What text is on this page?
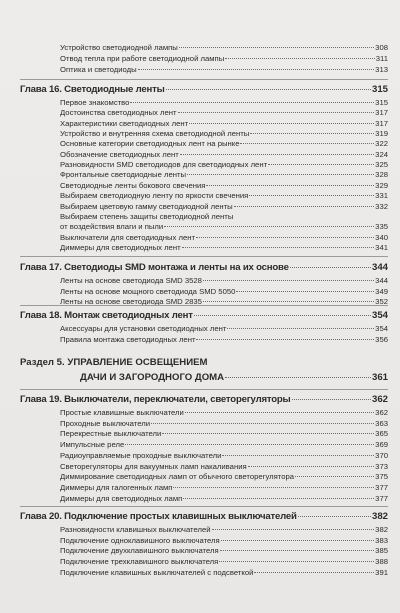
Устройство светодиодной лампы	308
Отвод тепла при работе светодиодной лампы	311
Оптика и светодиоды	313
Глава 16. Светодиодные ленты	315
Первое знакомство	315
Достоинства светодиодных лент	317
Характеристики светодиодных лент	317
Устройство и внутренняя схема светодиодной ленты	319
Основные категории светодиодных лент на рынке	322
Обозначение светодиодных лент	324
Разновидности SMD светодиодов для светодиодных лент	325
Фронтальные светодиодные ленты	328
Светодиодные ленты бокового свечения	329
Выбираем светодиодную ленту по яркости свечения	331
Выбираем цветовую гамму светодиодной ленты	332
Выбираем степень защиты светодиодной ленты
от воздействия влаги и пыли	335
Выключатели для светодиодных лент	340
Диммеры для светодиодных лент	341
Глава 17. Светодиоды SMD монтажа и ленты на их основе	344
Ленты на основе светодиода SMD 3528	344
Ленты на основе мощного светодиода SMD 5050	349
Ленты на основе светодиода SMD 2835	352
Глава 18. Монтаж светодиодных лент	354
Аксессуары для установки светодиодных лент	354
Правила монтажа светодиодных лент	356
Раздел 5. УПРАВЛЕНИЕ ОСВЕЩЕНИЕМ
ДАЧИ И ЗАГОРОДНОГО ДОМА	361
Глава 19. Выключатели, переключатели, светорегуляторы	362
Простые клавишные выключатели	362
Проходные выключатели	363
Перекрестные выключатели	365
Импульсные реле	369
Радиоуправляемые проходные выключатели	370
Светорегуляторы для вакуумных ламп накаливания	373
Диммирование светодиодных ламп от обычного светорегулятора	375
Диммеры для галогенных ламп	377
Диммеры для светодиодных ламп	377
Глава 20. Подключение простых клавишных выключателей	382
Разновидности клавишных выключателей	382
Подключение одноклавишного выключателя	383
Подключение двухклавишного выключателя	385
Подключение трехклавишного выключателя	388
Подключение клавишных выключателей с подсветкой	391
